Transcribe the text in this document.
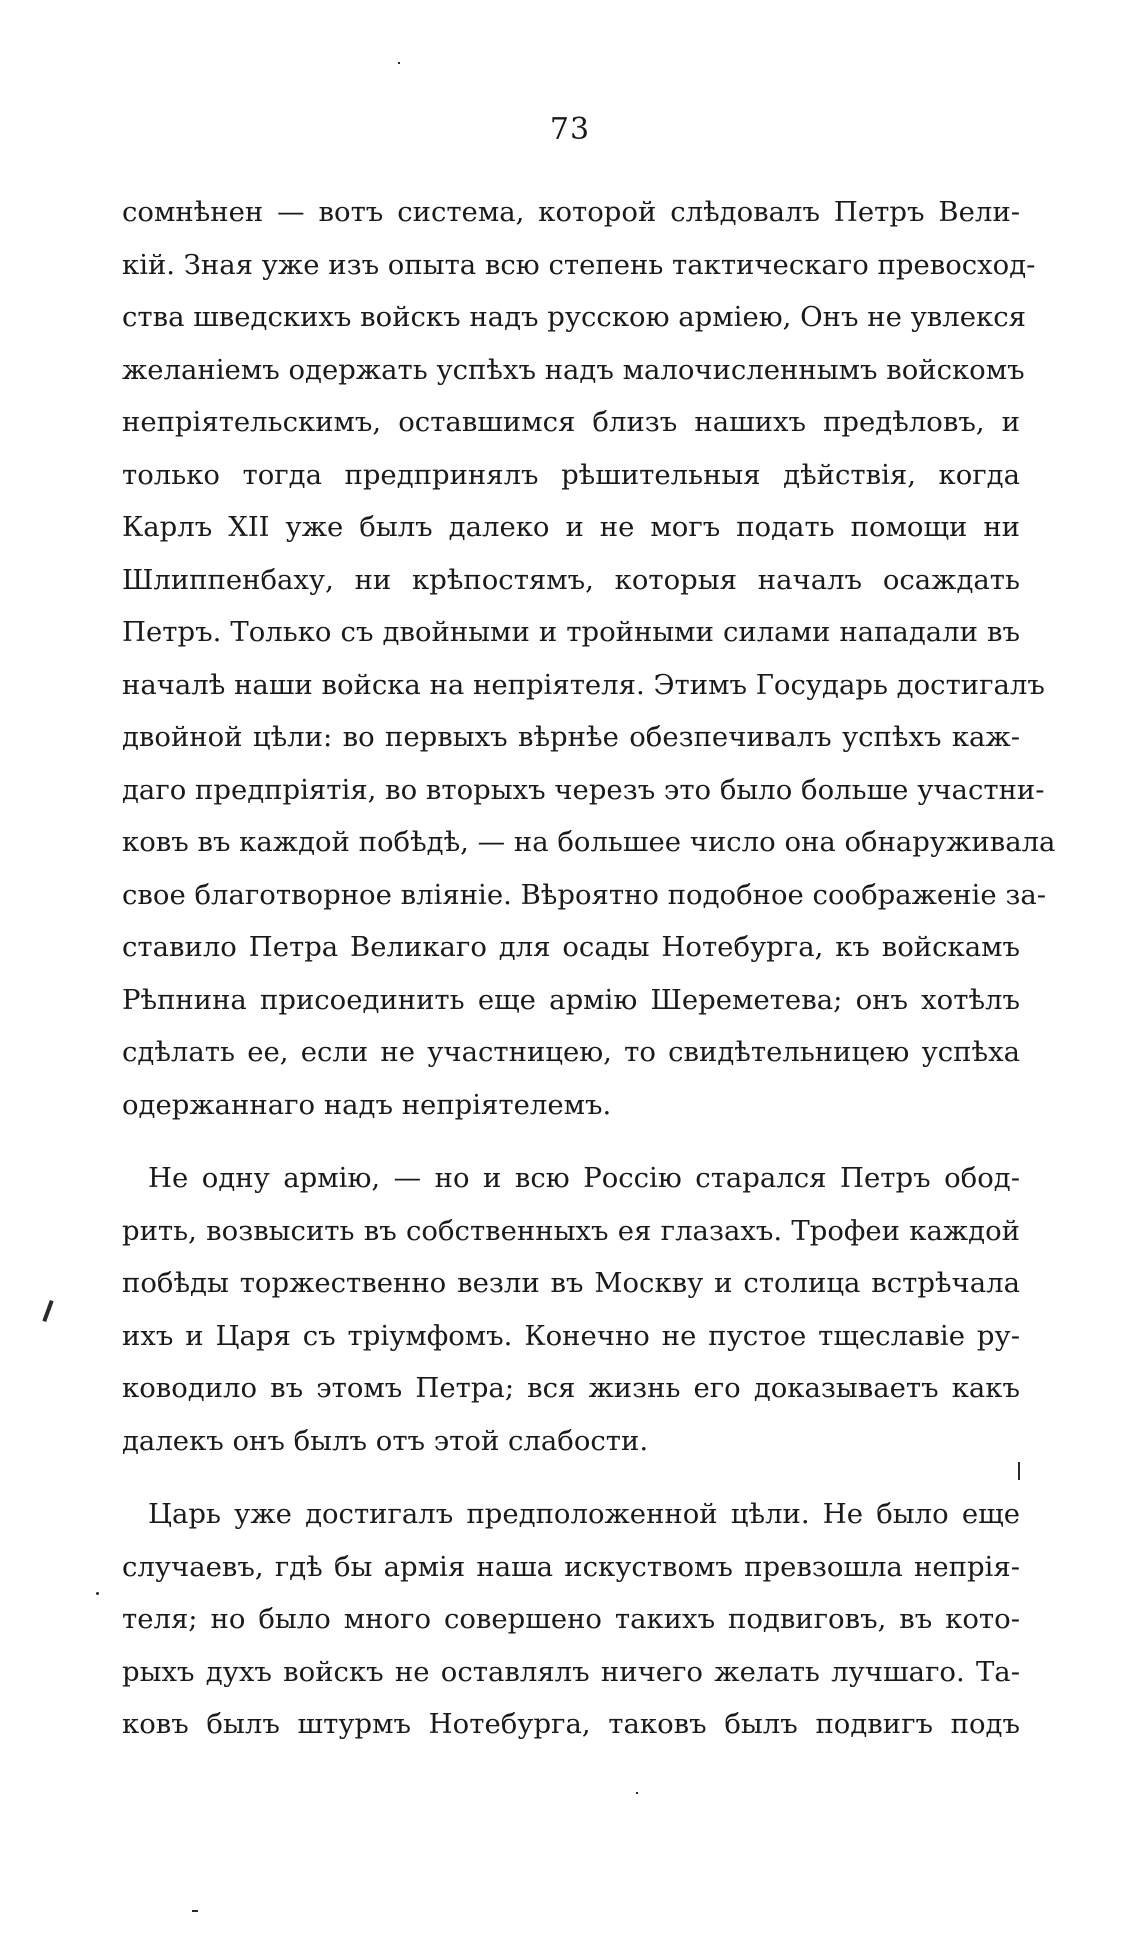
73
сомнѣнен — вотъ система, которой слѣдовалъ Петръ Вели-
кій. Зная уже изъ опыта всю степень тактическаго превосход-
ства шведскихъ войскъ надъ русскою арміею, Онъ не увлекся
желаніемъ одержать успѣхъ надъ малочисленнымъ войскомъ
непріятельскимъ, оставшимся близъ нашихъ предѣловъ, и
только тогда предпринялъ рѣшительныя дѣйствія, когда
Карлъ XII уже былъ далеко и не могъ подать помощи ни
Шлиппенбаху, ни крѣпостямъ, которыя началъ осаждать
Петръ. Только съ двойными и тройными силами нападали въ
началѣ наши войска на непріятеля. Этимъ Государь достигалъ
двойной цѣли: во первыхъ вѣрнѣе обезпечивалъ успѣхъ каж-
даго предпріятія, во вторыхъ черезъ это было больше участни-
ковъ въ каждой побѣдѣ, — на большее число она обнаруживала
свое благотворное вліяніе. Вѣроятно подобное соображеніе за-
ставило Петра Великаго для осады Нотебурга, къ войскамъ
Рѣпнина присоединить еще армію Шереметева; онъ хотѣлъ
сдѣлать ее, если не участницею, то свидѣтельницею успѣха
одержаннаго надъ непріятелемъ.
Не одну армію, — но и всю Россію старался Петръ обод-
рить, возвысить въ собственныхъ ея глазахъ. Трофеи каждой
побѣды торжественно везли въ Москву и столица встрѣчала
ихъ и Царя съ тріумфомъ. Конечно не пустое тщеславіе ру-
ководило въ этомъ Петра; вся жизнь его доказываетъ какъ
далекъ онъ былъ отъ этой слабости.
Царь уже достигалъ предположенной цѣли. Не было еще
случаевъ, гдѣ бы армія наша искуствомъ превзошла непрія-
теля; но было много совершено такихъ подвиговъ, въ кото-
рыхъ духъ войскъ не оставлялъ ничего желать лучшаго. Та-
ковъ былъ штурмъ Нотебурга, таковъ былъ подвигъ подъ
